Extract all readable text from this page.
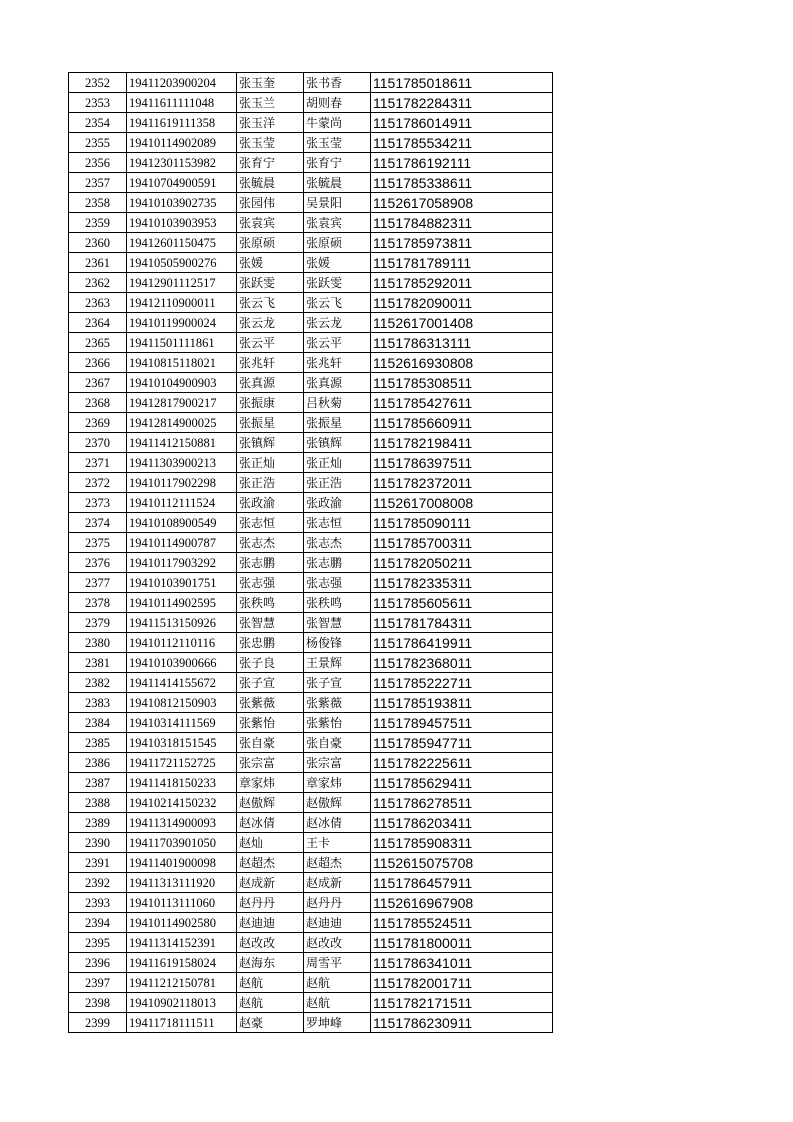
2352	19411203900204	张玉奎	张书香	1151785018611
2353	19411611111048	张玉兰	胡则春	1151782284311
2354	19411619111358	张玉洋	牛蒙尚	1151786014911
2355	19410114902089	张玉莹	张玉莹	1151785534211
2356	19412301153982	张育宁	张育宁	1151786192111
2357	19410704900591	张毓晨	张毓晨	1151785338611
2358	19410103902735	张园伟	吴景阳	1152617058908
2359	19410103903953	张袁宾	张袁宾	1151784882311
2360	19412601150475	张原硕	张原硕	1151785973811
2361	19410505900276	张媛	张媛	1151781789111
2362	19412901112517	张跃雯	张跃雯	1151785292011
2363	19412110900011	张云飞	张云飞	1151782090011
2364	19410119900024	张云龙	张云龙	1152617001408
2365	19411501111861	张云平	张云平	1151786313111
2366	19410815118021	张兆轩	张兆轩	1152616930808
2367	19410104900903	张真源	张真源	1151785308511
2368	19412817900217	张振康	吕秋菊	1151785427611
2369	19412814900025	张振星	张振星	1151785660911
2370	19411412150881	张镇辉	张镇辉	1151782198411
2371	19411303900213	张正灿	张正灿	1151786397511
2372	19410117902298	张正浩	张正浩	1151782372011
2373	19410112111524	张政渝	张政渝	1152617008008
2374	19410108900549	张志恒	张志恒	1151785090111
2375	19410114900787	张志杰	张志杰	1151785700311
2376	19410117903292	张志鹏	张志鹏	1151782050211
2377	19410103901751	张志强	张志强	1151782335311
2378	19410114902595	张秩鸣	张秩鸣	1151785605611
2379	19411513150926	张智慧	张智慧	1151781784311
2380	19410112110116	张忠鹏	杨俊锋	1151786419911
2381	19410103900666	张子良	王景辉	1151782368011
2382	19411414155672	张子宣	张子宣	1151785222711
2383	19410812150903	张紫薇	张紫薇	1151785193811
2384	19410314111569	张紫怡	张紫怡	1151789457511
2385	19410318151545	张自豪	张自豪	1151785947711
2386	19411721152725	张宗富	张宗富	1151782225611
2387	19411418150233	章家炜	章家炜	1151785629411
2388	19410214150232	赵傲辉	赵傲辉	1151786278511
2389	19411314900093	赵冰倩	赵冰倩	1151786203411
2390	19411703901050	赵灿	王卡	1151785908311
2391	19411401900098	赵超杰	赵超杰	1152615075708
2392	19411313111920	赵成新	赵成新	1151786457911
2393	19410113111060	赵丹丹	赵丹丹	1152616967908
2394	19410114902580	赵迪迪	赵迪迪	1151785524511
2395	19411314152391	赵改改	赵改改	1151781800011
2396	19411619158024	赵海东	周雪平	1151786341011
2397	19411212150781	赵航	赵航	1151782001711
2398	19410902118013	赵航	赵航	1151782171511
2399	19411718111511	赵豪	罗坤峰	1151786230911
